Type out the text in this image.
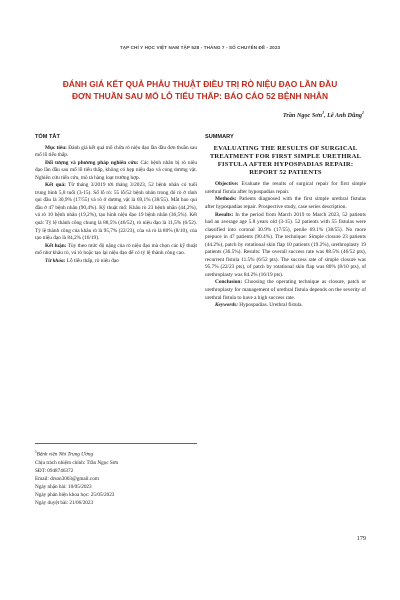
TẠP CHÍ Y HỌC VIỆT NAM TẬP 528 - THÁNG 7 - SỐ CHUYÊN ĐỀ - 2023
ĐÁNH GIÁ KẾT QUẢ PHẪU THUẬT ĐIỀU TRỊ RÒ NIỆU ĐẠO LẦN ĐẦU
ĐƠN THUẦN SAU MỔ LỖ TIỂU THẤP: BÁO CÁO 52 BỆNH NHÂN
Trần Ngọc Sơn$^1$, Lê Anh Dũng$^1$
TÓM TẮT

Mục tiêu: Đánh giá kết quả mổ chữa rò niệu đạo lần đầu đơn thuần sau mổ lỗ tiểu thấp.

Đối tượng và phương pháp nghiên cứu: Các bệnh nhân bị rò niệu đạo lần đầu sau mổ lỗ tiểu thấp, không có hẹp niệu đạo và cong dương vật. Nghiên cứu tiến cứu, mô tả hàng loạt trường hợp.

Kết quả: Từ tháng 3/2019 tới tháng 3/2023, 52 bệnh nhân có tuổi trung bình 5,8 tuổi (3-15). Số lỗ rò: 55 lỗ/52 bệnh nhân trong đó rò ở rãnh qui đầu là 30,9% (17/55) và rò ở dương vật là 69,1% (38/55). Mắt bao qui đầu ở 47 bệnh nhân (90,4%). Kỹ thuật mổ: Khâu rò 23 bệnh nhân (44,2%), vá rò 10 bệnh nhân (19,2%), tạo hình niệu đạo 19 bệnh nhân (36,5%). Kết quả: Tỷ lệ thành công chung là 88,5% (46/52), rò niệu đạo là 11,5% (6/52). Tỷ lệ thành công của khâu rò là 95,7% (22/23), của vá rò là 80% (8/10), của tạo niệu đạo là 84,2% (16/19).

Kết luận: Tùy theo mức độ nặng của rò niệu đạo mà chọn các kỹ thuật mổ như khâu rò, vá rò hoặc tạo lại niệu đạo để có tỷ lệ thành công cao.

Từ khóa: Lỗ tiểu thấp, rò niệu đạo

$^1$Bệnh viện Nhi Trung Ương
Chịu trách nhiệm chính: Trần Ngọc Sơn
SĐT: 0948746372
Email: drson3003@gmail.com
Ngày nhận bài: 10/05/2023
Ngày phản biện khoa học: 25/05/2023
Ngày duyệt bài: 21/06/2023
SUMMARY
EVALUATING THE RESULTS OF SURGICAL TREATMENT FOR FIRST SIMPLE URETHRAL FISTULA AFTER HYPOSPADIAS REPAIR: REPORT 52 PATIENTS

Objective: Evaluate the results of surgical repair for first simple urethral fistula after hypospadias repair.

Methods: Patients diagnosed with the first simple urethral fistulas after hypospadias repair. Prospective study, case series description.

Results: In the period from March 2019 to March 2023, 52 patients had an average age 5.8 years old (3-15). 52 patients with 55 fistulas were classified into coronal 30.9% (17/55), penile 69.1% (38/55). No more prepuce in 47 patients (90.4%). The technique: Simple closure 23 patients (44.2%), patch by rotational skin flap 10 patients (19.2%), urethroplasty 19 patients (36.5%). Results: The overall success rate was 88.5% (46/52 pts), recurrent fistula 11.5% (6/52 pts). The success rate of simple closure was 95.7% (22/23 pts), of patch by rotational skin flap was 80% (8/10 pts), of urethroplasty was 84.2% (16/19 pts).

Conclusion: Choosing the operating technique as closure, patch or urethroplasty for management of urethral fistula depends on the severity of urethral fistula to have a high success rate.

Keywords: Hypospadias. Urethral fistula.

179
